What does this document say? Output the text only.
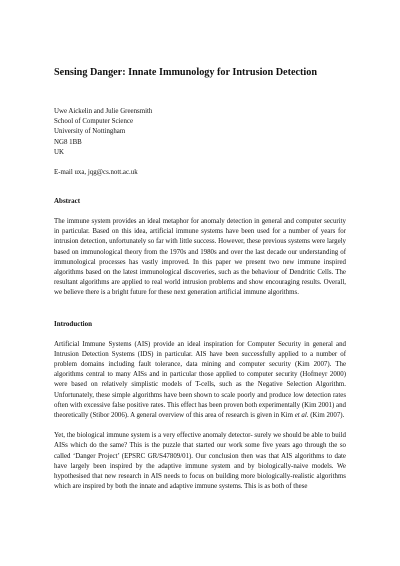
Sensing Danger: Innate Immunology for Intrusion Detection
Uwe Aickelin and Julie Greensmith
School of Computer Science
University of Nottingham
NG8 1BB
UK
E-mail uxa, jqg@cs.nott.ac.uk
Abstract

The immune system provides an ideal metaphor for anomaly detection in general and computer security in particular. Based on this idea, artificial immune systems have been used for a number of years for intrusion detection, unfortunately so far with little success. However, these previous systems were largely based on immunological theory from the 1970s and 1980s and over the last decade our understanding of immunological processes has vastly improved. In this paper we present two new immune inspired algorithms based on the latest immunological discoveries, such as the behaviour of Dendritic Cells. The resultant algorithms are applied to real world intrusion problems and show encouraging results. Overall, we believe there is a bright future for these next generation artificial immune algorithms.

Introduction

Artificial Immune Systems (AIS) provide an ideal inspiration for Computer Security in general and Intrusion Detection Systems (IDS) in particular. AIS have been successfully applied to a number of problem domains including fault tolerance, data mining and computer security (Kim 2007). The algorithms central to many AISs and in particular those applied to computer security (Hofmeyr 2000) were based on relatively simplistic models of T-cells, such as the Negative Selection Algorithm. Unfortunately, these simple algorithms have been shown to scale poorly and produce low detection rates often with excessive false positive rates. This effect has been proven both experimentally (Kim 2001) and theoretically (Stibor 2006). A general overview of this area of research is given in Kim et al. (Kim 2007).

Yet, the biological immune system is a very effective anomaly detector- surely we should be able to build AISs which do the same? This is the puzzle that started our work some five years ago through the so called ‘Danger Project’ (EPSRC GR/S47809/01). Our conclusion then was that AIS algorithms to date have largely been inspired by the adaptive immune system and by biologically-naive models. We hypothesised that new research in AIS needs to focus on building more biologically-realistic algorithms which are inspired by both the innate and adaptive immune systems. This is as both of these
